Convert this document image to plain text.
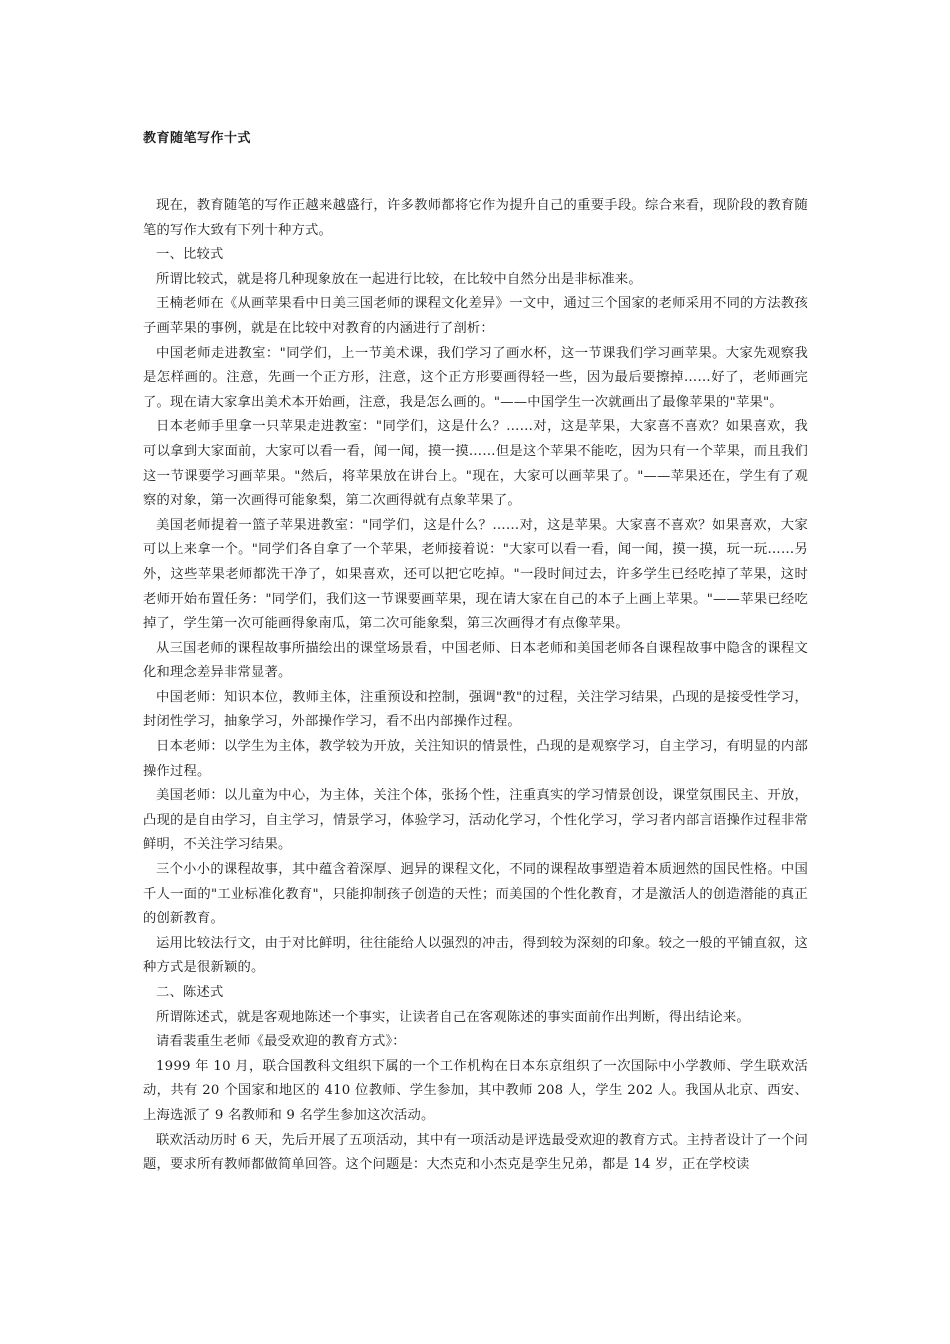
教育随笔写作十式

现在，教育随笔的写作正越来越盛行，许多教师都将它作为提升自己的重要手段。综合来看，现阶段的教育随笔的写作大致有下列十种方式。

一、比较式

所谓比较式，就是将几种现象放在一起进行比较，在比较中自然分出是非标准来。

王楠老师在《从画苹果看中日美三国老师的课程文化差异》一文中，通过三个国家的老师采用不同的方法教孩子画苹果的事例，就是在比较中对教育的内涵进行了剖析：

中国老师走进教室："同学们，上一节美术课，我们学习了画水杯，这一节课我们学习画苹果。大家先观察我是怎样画的。注意，先画一个正方形，注意，这个正方形要画得轻一些，因为最后要擦掉……好了，老师画完了。现在请大家拿出美术本开始画，注意，我是怎么画的。"——中国学生一次就画出了最像苹果的"苹果"。

日本老师手里拿一只苹果走进教室："同学们，这是什么？……对，这是苹果，大家喜不喜欢？如果喜欢，我可以拿到大家面前，大家可以看一看，闻一闻，摸一摸……但是这个苹果不能吃，因为只有一个苹果，而且我们这一节课要学习画苹果。"然后，将苹果放在讲台上。"现在，大家可以画苹果了。"——苹果还在，学生有了观察的对象，第一次画得可能象梨，第二次画得就有点象苹果了。

美国老师提着一篮子苹果进教室："同学们，这是什么？……对，这是苹果。大家喜不喜欢？如果喜欢，大家可以上来拿一个。"同学们各自拿了一个苹果，老师接着说："大家可以看一看，闻一闻，摸一摸，玩一玩……另外，这些苹果老师都洗干净了，如果喜欢，还可以把它吃掉。"一段时间过去，许多学生已经吃掉了苹果，这时老师开始布置任务："同学们，我们这一节课要画苹果，现在请大家在自己的本子上画上苹果。"——苹果已经吃掉了，学生第一次可能画得象南瓜，第二次可能象梨，第三次画得才有点像苹果。

从三国老师的课程故事所描绘出的课堂场景看，中国老师、日本老师和美国老师各自课程故事中隐含的课程文化和理念差异非常显著。

中国老师：知识本位，教师主体，注重预设和控制，强调"教"的过程，关注学习结果，凸现的是接受性学习，封闭性学习，抽象学习，外部操作学习，看不出内部操作过程。

日本老师：以学生为主体，教学较为开放，关注知识的情景性，凸现的是观察学习，自主学习，有明显的内部操作过程。

美国老师：以儿童为中心，为主体，关注个体，张扬个性，注重真实的学习情景创设，课堂氛围民主、开放，凸现的是自由学习，自主学习，情景学习，体验学习，活动化学习，个性化学习，学习者内部言语操作过程非常鲜明，不关注学习结果。

三个小小的课程故事，其中蕴含着深厚、迥异的课程文化，不同的课程故事塑造着本质迥然的国民性格。中国千人一面的"工业标准化教育"，只能抑制孩子创造的天性；而美国的个性化教育，才是激活人的创造潜能的真正的创新教育。

运用比较法行文，由于对比鲜明，往往能给人以强烈的冲击，得到较为深刻的印象。较之一般的平铺直叙，这种方式是很新颖的。

二、陈述式

所谓陈述式，就是客观地陈述一个事实，让读者自己在客观陈述的事实面前作出判断，得出结论来。

请看裴重生老师《最受欢迎的教育方式》：

1999 年 10 月，联合国教科文组织下属的一个工作机构在日本东京组织了一次国际中小学教师、学生联欢活动，共有 20 个国家和地区的 410 位教师、学生参加，其中教师 208 人，学生 202 人。我国从北京、西安、上海选派了 9 名教师和 9 名学生参加这次活动。

联欢活动历时 6 天，先后开展了五项活动，其中有一项活动是评选最受欢迎的教育方式。主持者设计了一个问题，要求所有教师都做简单回答。这个问题是：大杰克和小杰克是孪生兄弟，都是 14 岁，正在学校读
